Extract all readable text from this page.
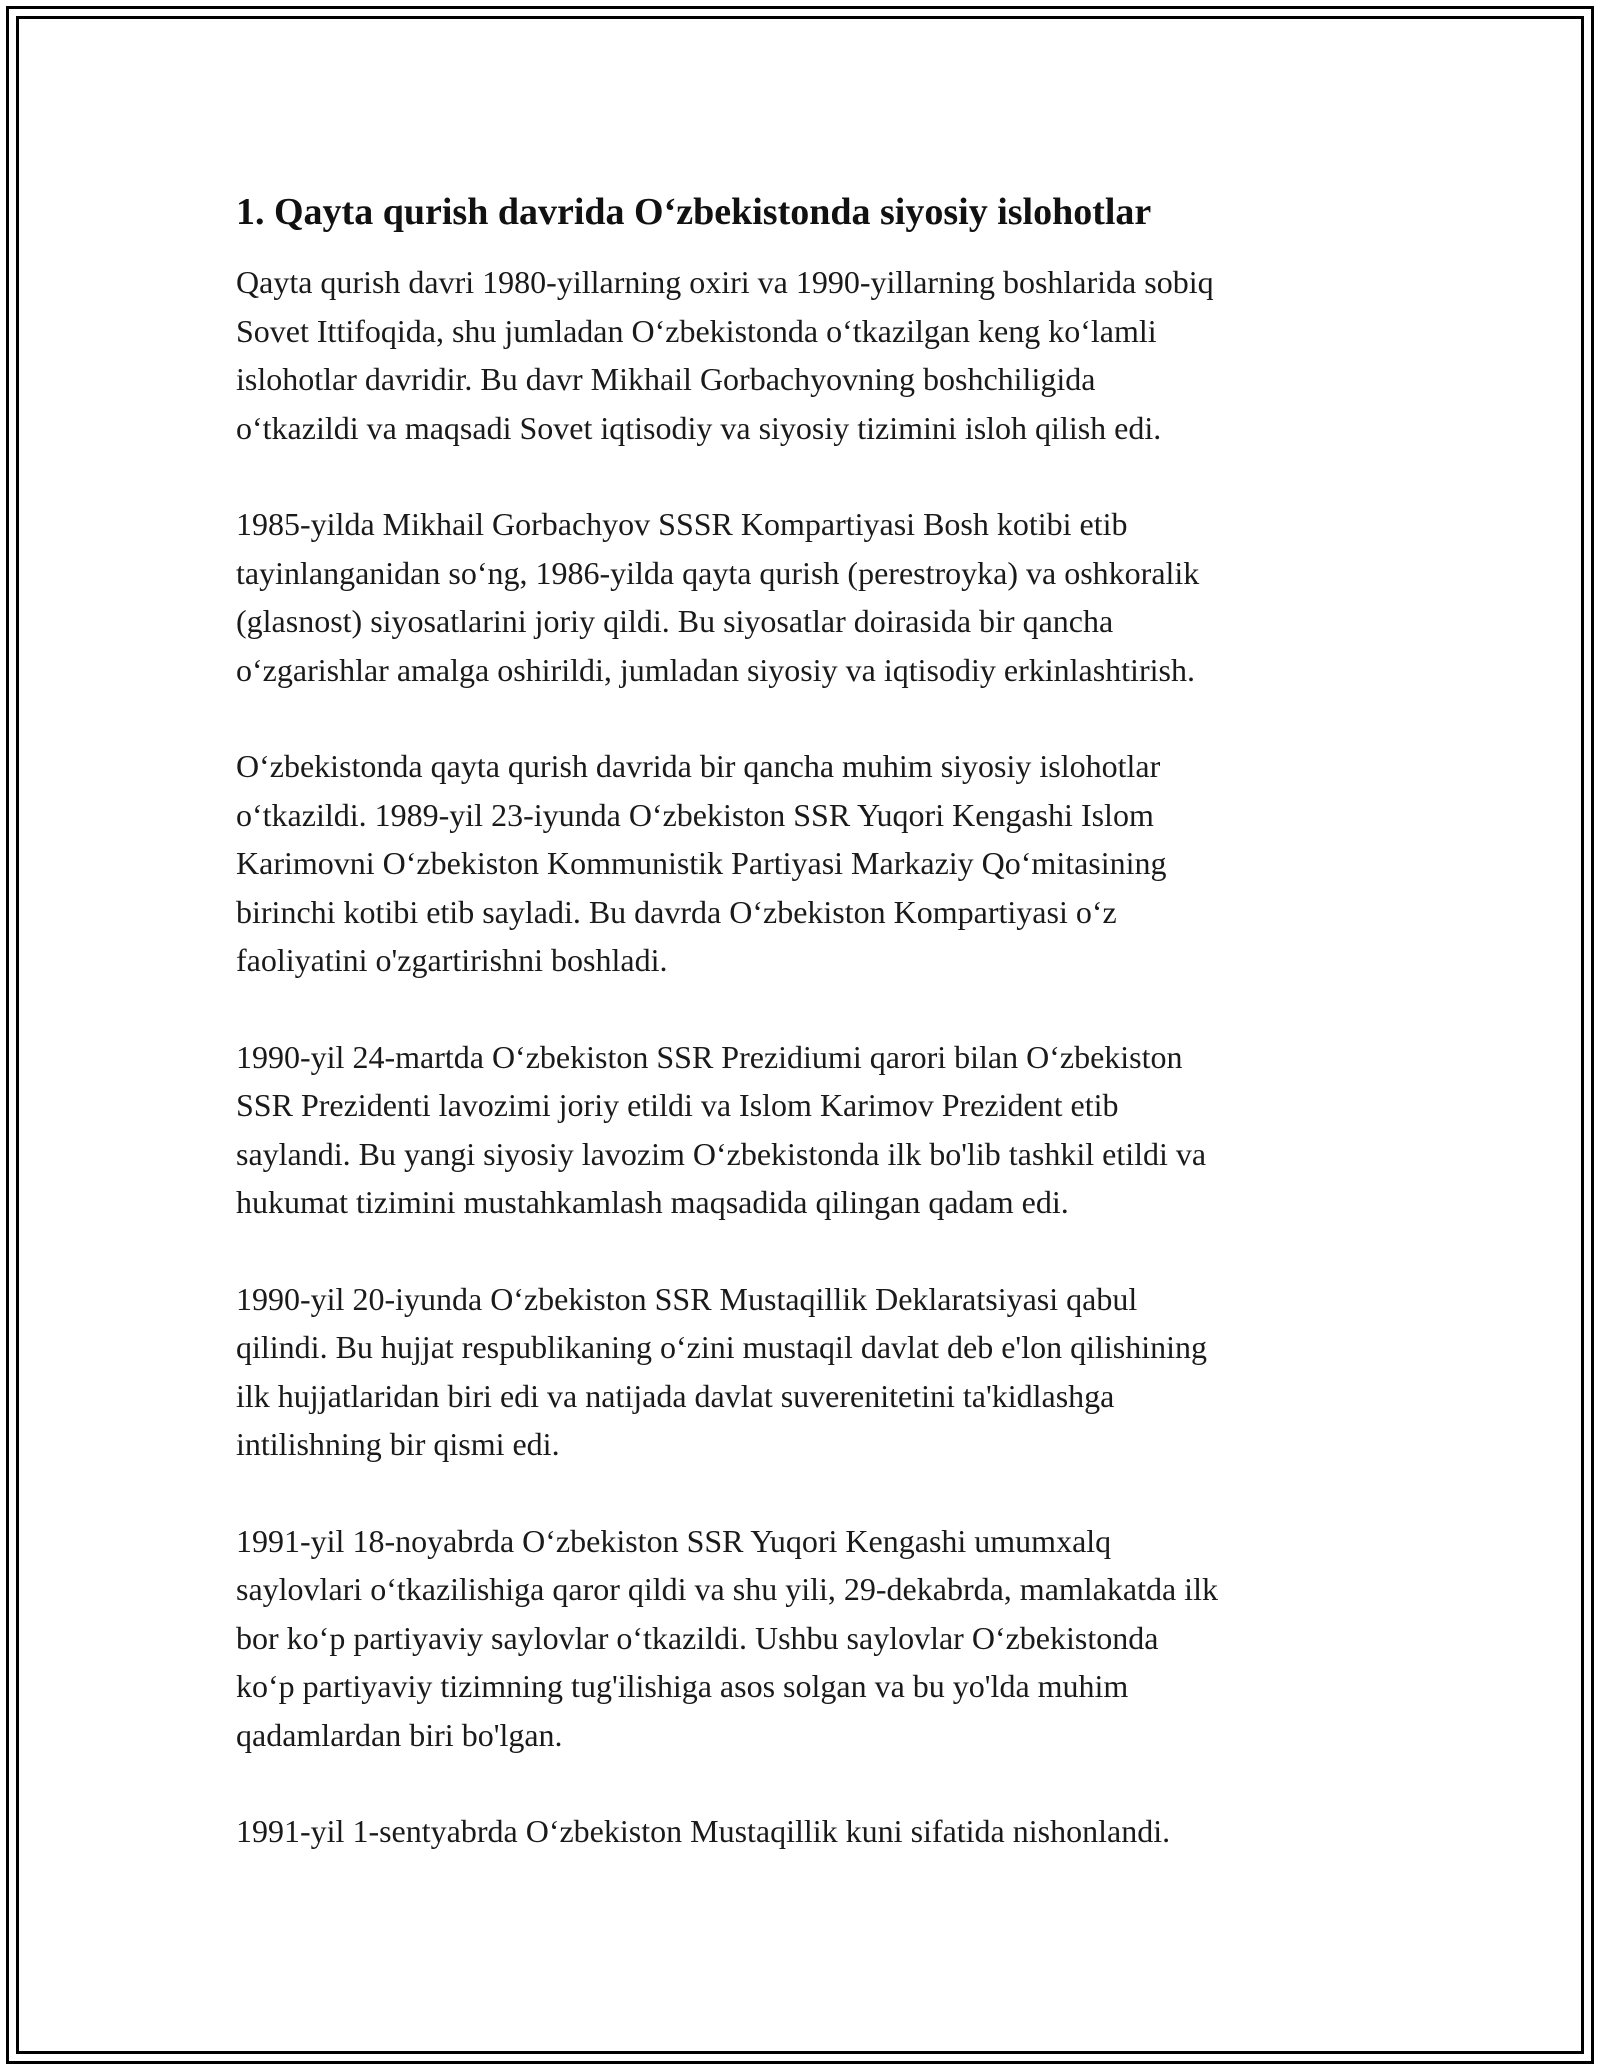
1. Qayta qurish davrida O‘zbekistonda siyosiy islohotlar

Qayta qurish davri 1980-yillarning oxiri va 1990-yillarning boshlarida sobiq
Sovet Ittifoqida, shu jumladan O‘zbekistonda o‘tkazilgan keng ko‘lamli
islohotlar davridir. Bu davr Mikhail Gorbachyovning boshchiligida
o‘tkazildi va maqsadi Sovet iqtisodiy va siyosiy tizimini isloh qilish edi.

1985-yilda Mikhail Gorbachyov SSSR Kompartiyasi Bosh kotibi etib
tayinlanganidan so‘ng, 1986-yilda qayta qurish (perestroyka) va oshkoralik
(glasnost) siyosatlarini joriy qildi. Bu siyosatlar doirasida bir qancha
o‘zgarishlar amalga oshirildi, jumladan siyosiy va iqtisodiy erkinlashtirish.

O‘zbekistonda qayta qurish davrida bir qancha muhim siyosiy islohotlar
o‘tkazildi. 1989-yil 23-iyunda O‘zbekiston SSR Yuqori Kengashi Islom
Karimovni O‘zbekiston Kommunistik Partiyasi Markaziy Qo‘mitasining
birinchi kotibi etib sayladi. Bu davrda O‘zbekiston Kompartiyasi o‘z
faoliyatini o'zgartirishni boshladi.

1990-yil 24-martda O‘zbekiston SSR Prezidiumi qarori bilan O‘zbekiston
SSR Prezidenti lavozimi joriy etildi va Islom Karimov Prezident etib
saylandi. Bu yangi siyosiy lavozim O‘zbekistonda ilk bo'lib tashkil etildi va
hukumat tizimini mustahkamlash maqsadida qilingan qadam edi.

1990-yil 20-iyunda O‘zbekiston SSR Mustaqillik Deklaratsiyasi qabul
qilindi. Bu hujjat respublikaning o‘zini mustaqil davlat deb e'lon qilishining
ilk hujjatlaridan biri edi va natijada davlat suverenitetini ta'kidlashga
intilishning bir qismi edi.

1991-yil 18-noyabrda O‘zbekiston SSR Yuqori Kengashi umumxalq
saylovlari o‘tkazilishiga qaror qildi va shu yili, 29-dekabrda, mamlakatda ilk
bor ko‘p partiyaviy saylovlar o‘tkazildi. Ushbu saylovlar O‘zbekistonda
ko‘p partiyaviy tizimning tug'ilishiga asos solgan va bu yo'lda muhim
qadamlardan biri bo'lgan.

1991-yil 1-sentyabrda O‘zbekiston Mustaqillik kuni sifatida nishonlandi.
